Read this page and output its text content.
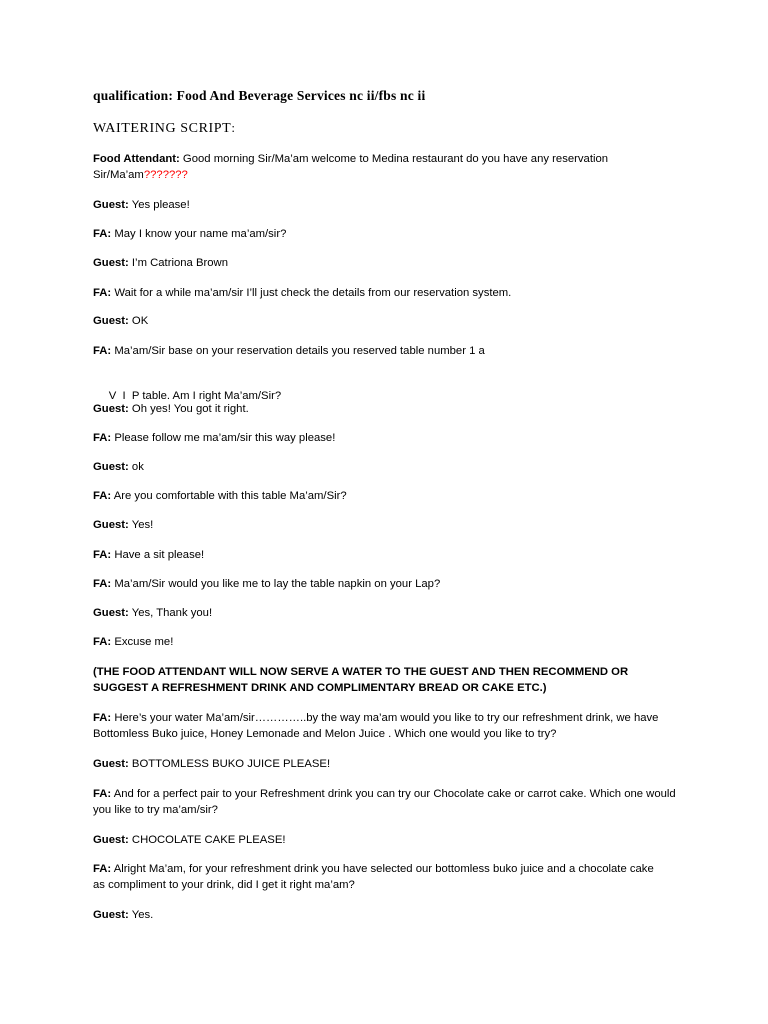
qualification: Food And Beverage Services nc ii/fbs nc ii
WAITERING SCRIPT:
Food Attendant: Good morning Sir/Ma’am welcome to Medina restaurant do you have any reservation Sir/Ma’am???????
Guest: Yes please!
FA: May I know your name ma’am/sir?
Guest: I’m Catriona Brown
FA: Wait for a while ma’am/sir I’ll just check the details from our reservation system.
Guest: OK
FA: Ma’am/Sir base on your reservation details you reserved table number 1 a

V  I  P table. Am I right Ma’am/Sir?

Guest: Oh yes! You got it right.
FA: Please follow me ma’am/sir this way please!
Guest: ok
FA: Are you comfortable with this table Ma’am/Sir?
Guest: Yes!
FA: Have a sit please!
FA: Ma’am/Sir would you like me to lay the table napkin on your Lap?
Guest: Yes, Thank you!
FA: Excuse me!
(THE FOOD ATTENDANT WILL NOW SERVE A WATER TO THE GUEST AND THEN RECOMMEND OR SUGGEST A REFRESHMENT DRINK AND COMPLIMENTARY BREAD OR CAKE ETC.)
FA: Here’s your water Ma’am/sir…………..by the way ma’am would you like to try our refreshment drink, we have Bottomless Buko juice, Honey Lemonade and Melon Juice . Which one would you like to try?
Guest: BOTTOMLESS BUKO JUICE PLEASE!
FA: And for a perfect pair to your Refreshment drink you can try our Chocolate cake or carrot cake. Which one would you like to try ma’am/sir?
Guest: CHOCOLATE CAKE PLEASE!
FA: Alright Ma’am, for your refreshment drink you have selected our bottomless buko juice and a chocolate cake as compliment to your drink, did I get it right ma’am?
Guest: Yes.
